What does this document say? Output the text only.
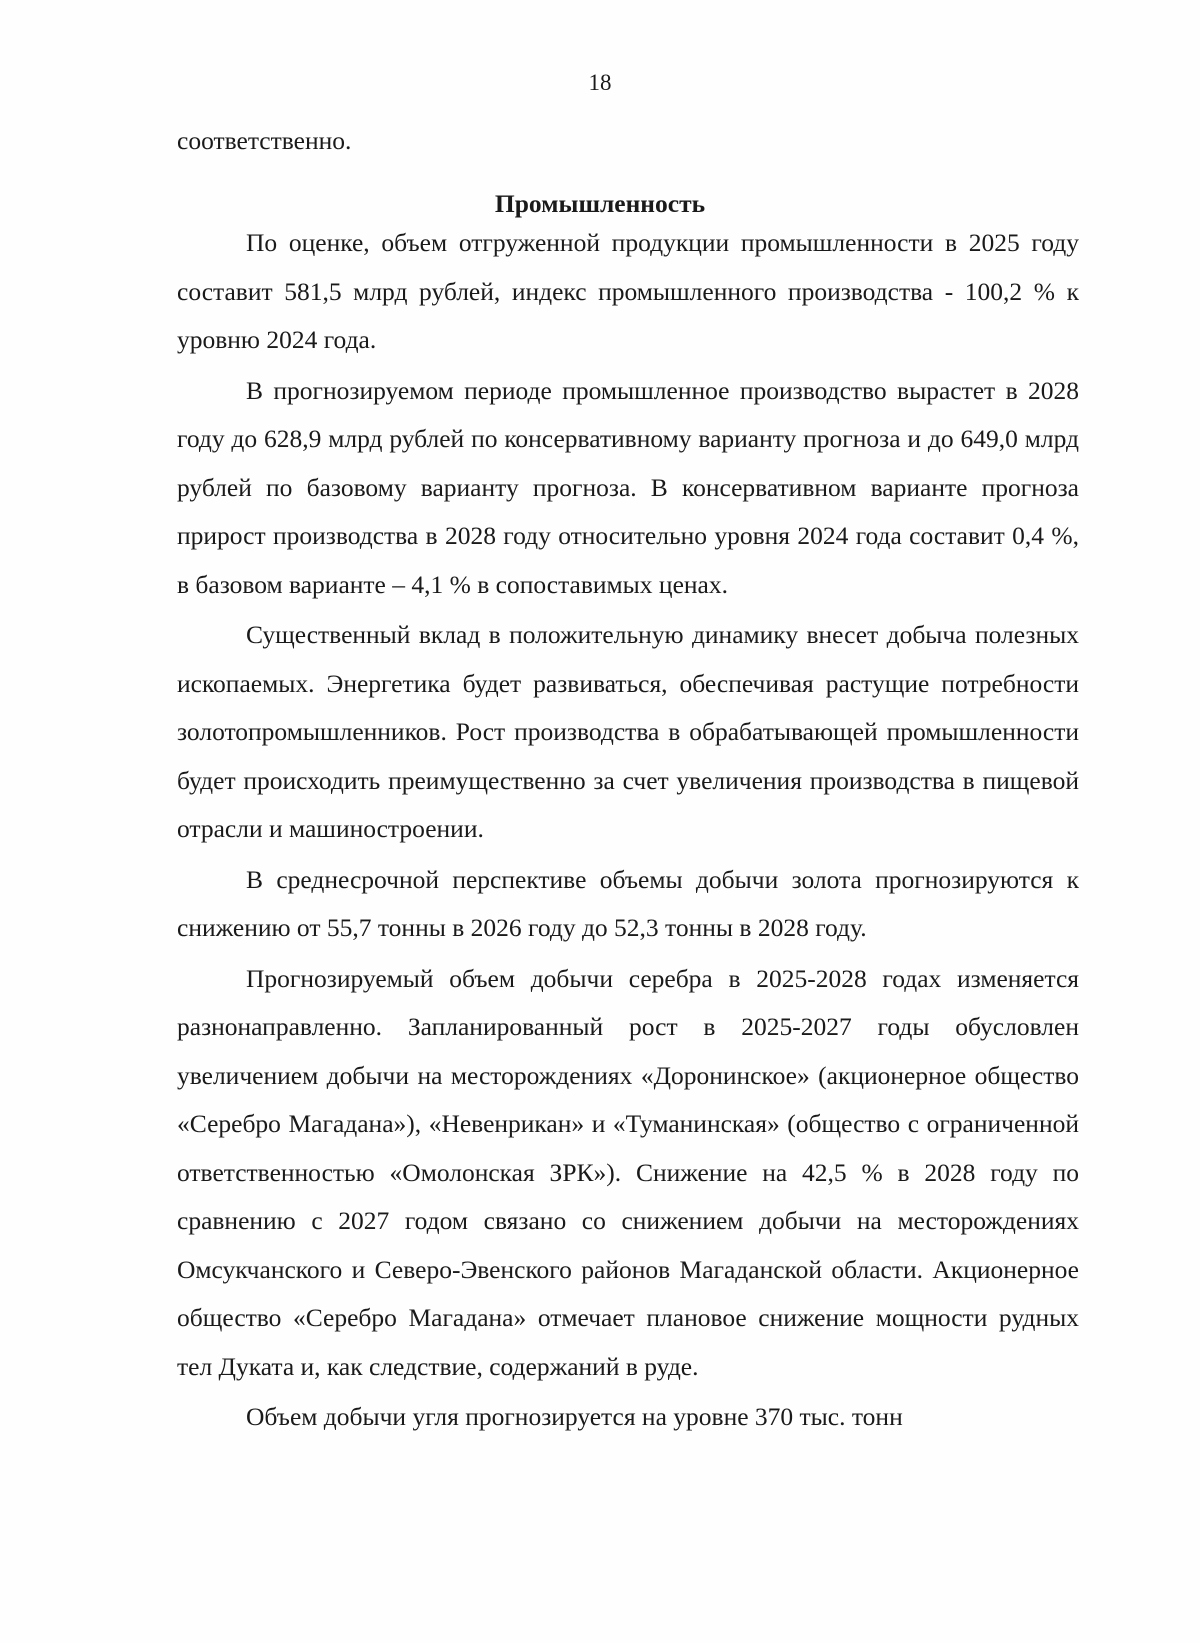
18

соответственно.

Промышленность

По оценке, объем отгруженной продукции промышленности в 2025 году составит 581,5 млрд рублей, индекс промышленного производства - 100,2 % к уровню 2024 года.

В прогнозируемом периоде промышленное производство вырастет в 2028 году до 628,9 млрд рублей по консервативному варианту прогноза и до 649,0 млрд рублей по базовому варианту прогноза. В консервативном варианте прогноза прирост производства в 2028 году относительно уровня 2024 года составит 0,4 %, в базовом варианте – 4,1 % в сопоставимых ценах.

Существенный вклад в положительную динамику внесет добыча полезных ископаемых. Энергетика будет развиваться, обеспечивая растущие потребности золотопромышленников. Рост производства в обрабатывающей промышленности будет происходить преимущественно за счет увеличения производства в пищевой отрасли и машиностроении.

В среднесрочной перспективе объемы добычи золота прогнозируются к снижению от 55,7 тонны в 2026 году до 52,3 тонны в 2028 году.

Прогнозируемый объем добычи серебра в 2025-2028 годах изменяется разнонаправленно. Запланированный рост в 2025-2027 годы обусловлен увеличением добычи на месторождениях «Доронинское» (акционерное общество «Серебро Магадана»), «Невенрикан» и «Туманинская» (общество с ограниченной ответственностью «Омолонская ЗРК»). Снижение на 42,5 % в 2028 году по сравнению с 2027 годом связано со снижением добычи на месторождениях Омсукчанского и Северо-Эвенского районов Магаданской области. Акционерное общество «Серебро Магадана» отмечает плановое снижение мощности рудных тел Дуката и, как следствие, содержаний в руде.

Объем добычи угля прогнозируется на уровне 370 тыс. тонн
